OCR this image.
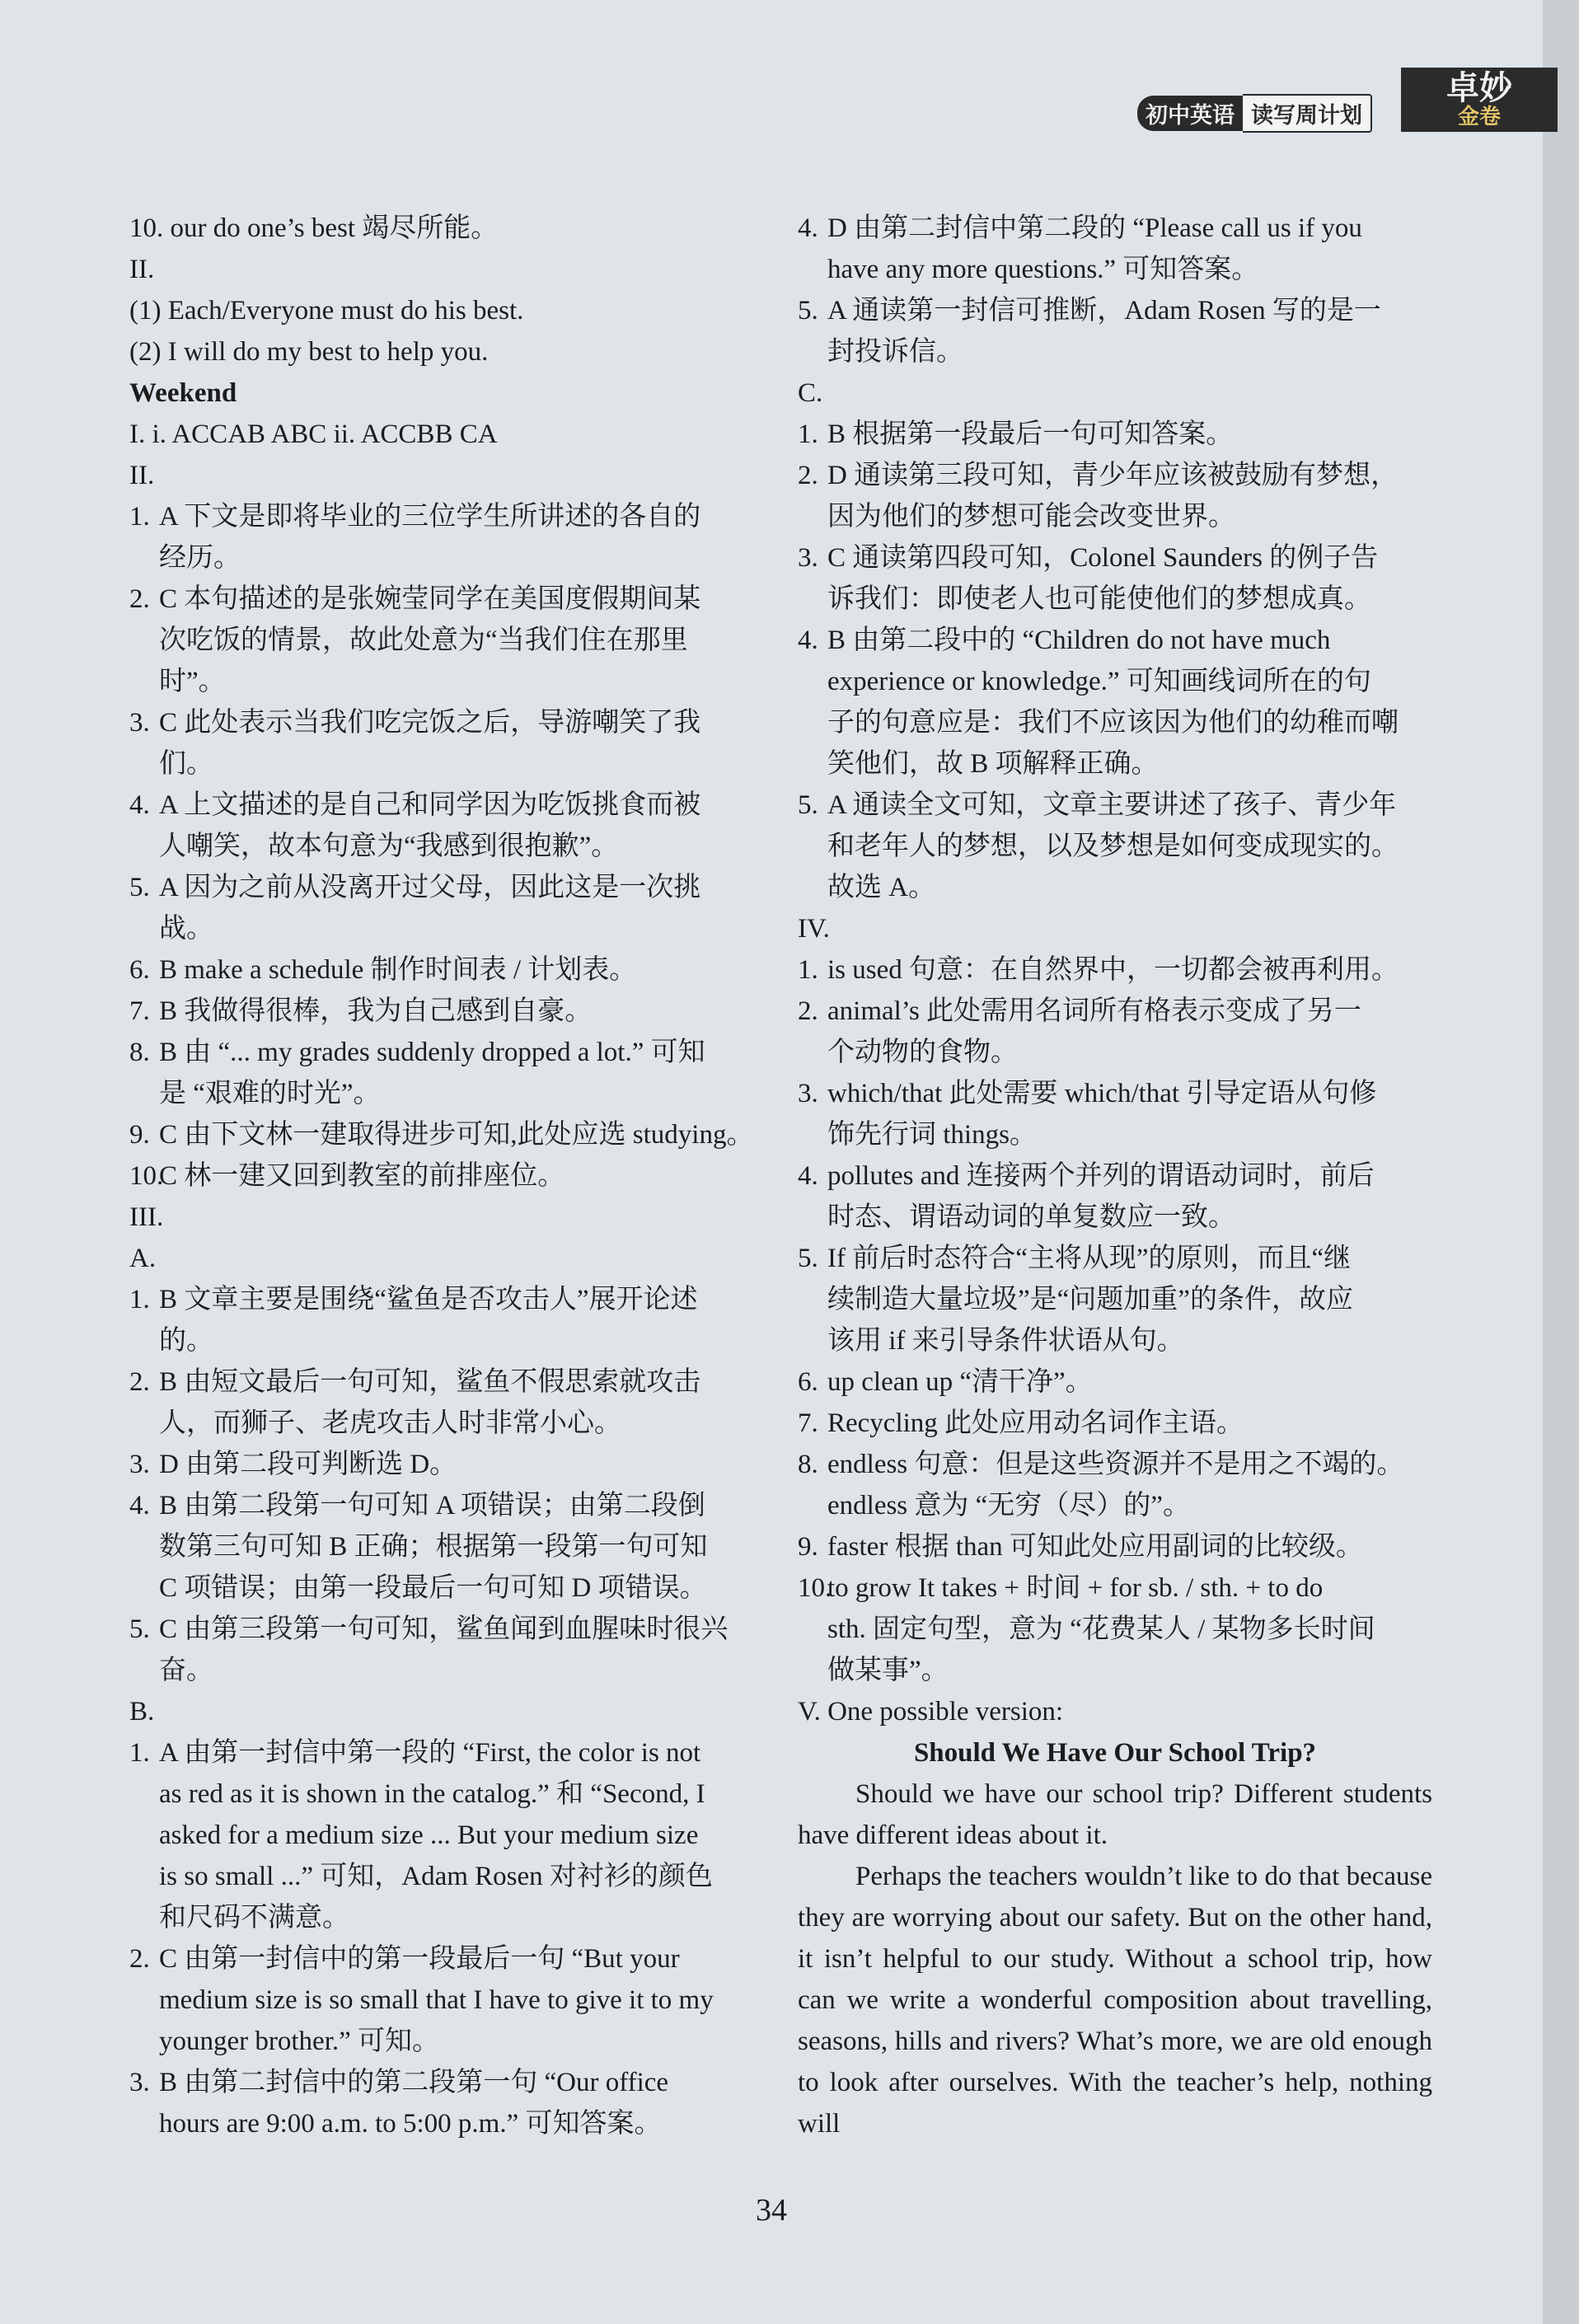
初中英语 读写周计划
卓妙
金卷
10. our do one’s best 竭尽所能。
II.
(1) Each/Everyone must do his best.
(2) I will do my best to help you.
Weekend
I. i. ACCAB ABC ii. ACCBB CA
II.
1. A 下文是即将毕业的三位学生所讲述的各自的
经历。
2. C 本句描述的是张婉莹同学在美国度假期间某
次吃饭的情景，故此处意为“当我们住在那里
时”。
3. C 此处表示当我们吃完饭之后，导游嘲笑了我
们。
4. A 上文描述的是自己和同学因为吃饭挑食而被
人嘲笑，故本句意为“我感到很抱歉”。
5. A 因为之前从没离开过父母，因此这是一次挑
战。
6. B make a schedule 制作时间表 / 计划表。
7. B 我做得很棒，我为自己感到自豪。
8. B 由 “... my grades suddenly dropped a lot.” 可知
是 “艰难的时光”。
9. C 由下文林一建取得进步可知,此处应选 studying。
10.
C 林一建又回到教室的前排座位。
III.
A.
1. B 文章主要是围绕“鲨鱼是否攻击人”展开论述
的。
2. B 由短文最后一句可知，鲨鱼不假思索就攻击
人，而狮子、老虎攻击人时非常小心。
3. D 由第二段可判断选 D。
4. B 由第二段第一句可知 A 项错误；由第二段倒
数第三句可知 B 正确；根据第一段第一句可知
C 项错误；由第一段最后一句可知 D 项错误。
5. C 由第三段第一句可知，鲨鱼闻到血腥味时很兴
奋。
B.
1. A 由第一封信中第一段的 “First, the color is not
as red as it is shown in the catalog.” 和 “Second, I
asked for a medium size ... But your medium size
is so small ...” 可知，Adam Rosen 对衬衫的颜色
和尺码不满意。
2. C 由第一封信中的第一段最后一句 “But your
medium size is so small that I have to give it to my
younger brother.” 可知。
3. B 由第二封信中的第二段第一句 “Our office
hours are 9:00 a.m. to 5:00 p.m.” 可知答案。
4. D 由第二封信中第二段的 “Please call us if you
have any more questions.” 可知答案。
5. A 通读第一封信可推断，Adam Rosen 写的是一
封投诉信。
C.
1. B 根据第一段最后一句可知答案。
2. D 通读第三段可知，青少年应该被鼓励有梦想，
因为他们的梦想可能会改变世界。
3. C 通读第四段可知，Colonel Saunders 的例子告
诉我们：即使老人也可能使他们的梦想成真。
4. B 由第二段中的 “Children do not have much
experience or knowledge.” 可知画线词所在的句
子的句意应是：我们不应该因为他们的幼稚而嘲
笑他们，故 B 项解释正确。
5. A 通读全文可知，文章主要讲述了孩子、青少年
和老年人的梦想，以及梦想是如何变成现实的。
故选 A。
IV.
1. is used 句意：在自然界中，一切都会被再利用。
2. animal’s 此处需用名词所有格表示变成了另一
个动物的食物。
3. which/that 此处需要 which/that 引导定语从句修
饰先行词 things。
4. pollutes and 连接两个并列的谓语动词时，前后
时态、谓语动词的单复数应一致。
5. If 前后时态符合“主将从现”的原则，而且“继
续制造大量垃圾”是“问题加重”的条件，故应
该用 if 来引导条件状语从句。
6. up clean up “清干净”。
7. Recycling 此处应用动名词作主语。
8. endless 句意：但是这些资源并不是用之不竭的。
endless 意为 “无穷（尽）的”。
9. faster 根据 than 可知此处应用副词的比较级。
10.
to grow It takes + 时间 + for sb. / sth. + to do
sth. 固定句型，意为 “花费某人 / 某物多长时间
做某事”。
V. One possible version:
Should We Have Our School Trip?
Should we have our school trip? Different students have different ideas about it.
Perhaps the teachers wouldn’t like to do that because they are worrying about our safety. But on the other hand, it isn’t helpful to our study. Without a school trip, how can we write a wonderful composition about travelling, seasons, hills and rivers? What’s more, we are old enough to look after ourselves. With the teacher’s help, nothing will
34
